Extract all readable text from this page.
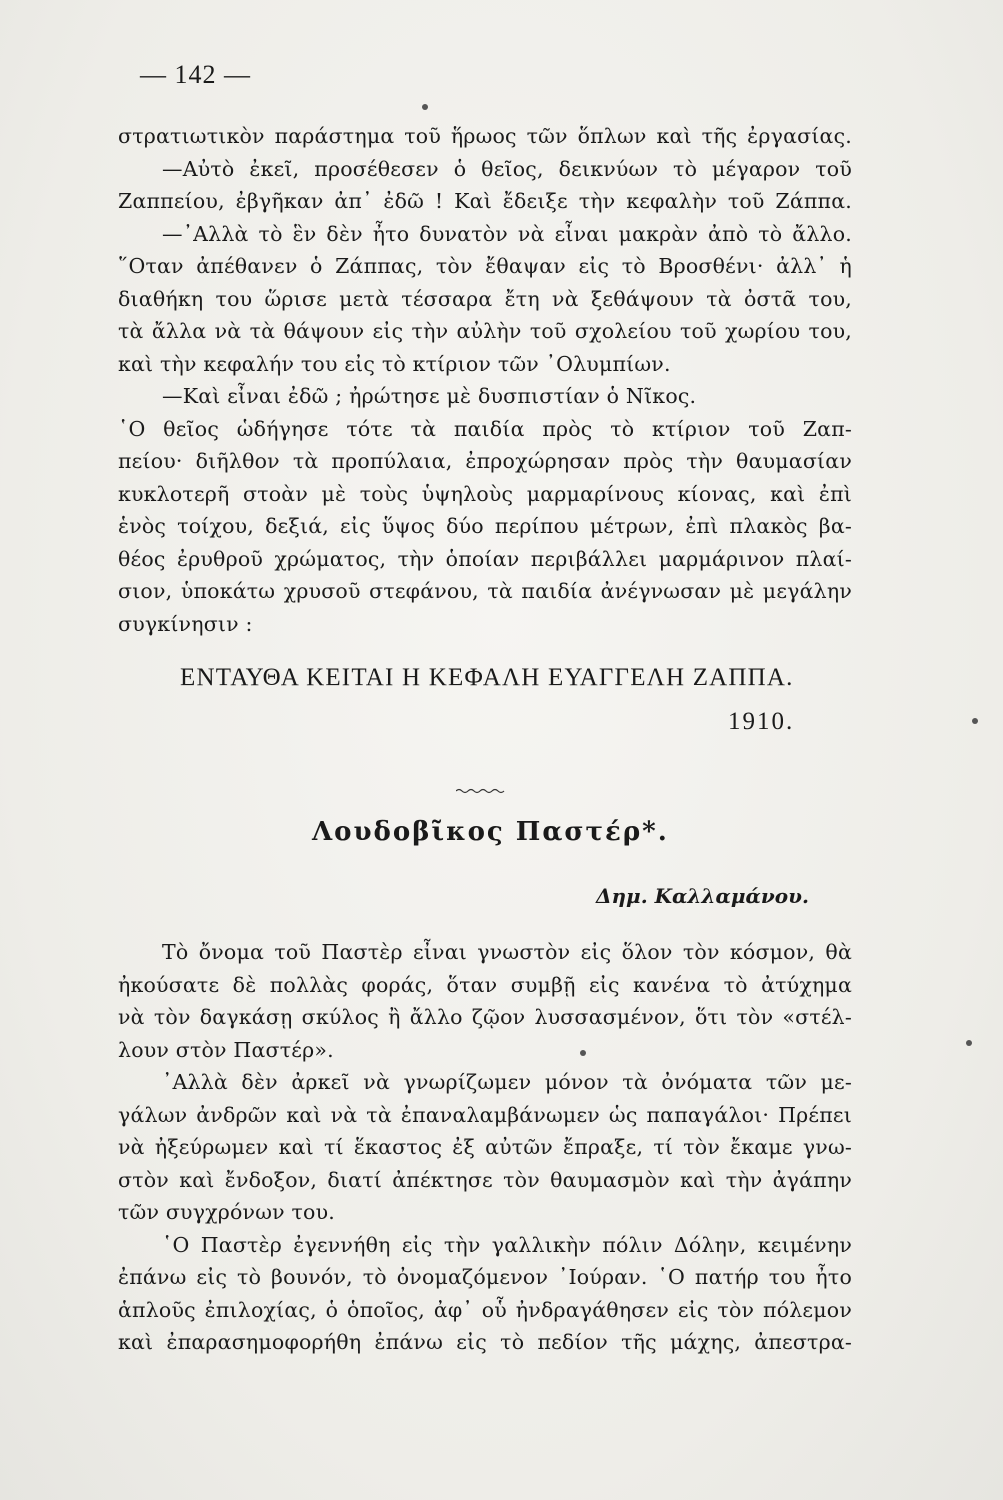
— 142 —
στρατιωτικὸν παράστημα τοῦ ἥρωος τῶν ὅπλων καὶ τῆς ἐργασίας.
—Αὐτὸ ἐκεῖ, προσέθεσεν ὁ θεῖος, δεικνύων τὸ μέγαρον τοῦ
Ζαππείου, ἐβγῆκαν ἀπ᾽ ἐδῶ ! Καὶ ἔδειξε τὴν κεφαλὴν τοῦ Ζάππα.
—᾽Αλλὰ τὸ ἓν δὲν ἦτο δυνατὸν νὰ εἶναι μακρὰν ἀπὸ τὸ ἄλλο.
῞Οταν ἀπέθανεν ὁ Ζάππας, τὸν ἔθαψαν εἰς τὸ Βροσθένι· ἀλλ᾽ ἡ
διαθήκη του ὥρισε μετὰ τέσσαρα ἔτη νὰ ξεθάψουν τὰ ὀστᾶ του,
τὰ ἄλλα νὰ τὰ θάψουν εἰς τὴν αὐλὴν τοῦ σχολείου τοῦ χωρίου του,
καὶ τὴν κεφαλήν του εἰς τὸ κτίριον τῶν ᾽Ολυμπίων.
—Καὶ εἶναι ἐδῶ ; ἠρώτησε μὲ δυσπιστίαν ὁ Νῖκος.
῾Ο θεῖος ὡδήγησε τότε τὰ παιδία πρὸς τὸ κτίριον τοῦ Ζαπ-
πείου· διῆλθον τὰ προπύλαια, ἐπροχώρησαν πρὸς τὴν θαυμασίαν
κυκλοτερῆ στοὰν μὲ τοὺς ὑψηλοὺς μαρμαρίνους κίονας, καὶ ἐπὶ
ἑνὸς τοίχου, δεξιά, εἰς ὕψος δύο περίπου μέτρων, ἐπὶ πλακὸς βα-
θέος ἐρυθροῦ χρώματος, τὴν ὁποίαν περιβάλλει μαρμάρινον πλαί-
σιον, ὑποκάτω χρυσοῦ στεφάνου, τὰ παιδία ἀνέγνωσαν μὲ μεγάλην
συγκίνησιν :
ΕΝΤΑΥΘΑ ΚΕΙΤΑΙ Η ΚΕΦΑΛΗ ΕΥΑΓΓΕΛΗ ΖΑΠΠΑ.
1910.
Λουδοβῖκος Παστέρ*.
Δημ. Καλλαμάνου.
Τὸ ὄνομα τοῦ Παστὲρ εἶναι γνωστὸν εἰς ὅλον τὸν κόσμον, θὰ
ἠκούσατε δὲ πολλὰς φοράς, ὅταν συμβῇ εἰς κανένα τὸ ἀτύχημα
νὰ τὸν δαγκάσῃ σκύλος ἢ ἄλλο ζῷον λυσσασμένον, ὅτι τὸν «στέλ-
λουν στὸν Παστέρ».
᾽Αλλὰ δὲν ἀρκεῖ νὰ γνωρίζωμεν μόνον τὰ ὀνόματα τῶν με-
γάλων ἀνδρῶν καὶ νὰ τὰ ἐπαναλαμβάνωμεν ὡς παπαγάλοι· Πρέπει
νὰ ἠξεύρωμεν καὶ τί ἕκαστος ἐξ αὐτῶν ἔπραξε, τί τὸν ἔκαμε γνω-
στὸν καὶ ἔνδοξον, διατί ἀπέκτησε τὸν θαυμασμὸν καὶ τὴν ἀγάπην
τῶν συγχρόνων του.
῾Ο Παστὲρ ἐγεννήθη εἰς τὴν γαλλικὴν πόλιν Δόλην, κειμένην
ἐπάνω εἰς τὸ βουνόν, τὸ ὀνομαζόμενον ᾽Ιούραν. ῾Ο πατήρ του ἦτο
ἁπλοῦς ἐπιλοχίας, ὁ ὁποῖος, ἀφ᾽ οὗ ἠνδραγάθησεν εἰς τὸν πόλεμον
καὶ ἐπαρασημοφορήθη ἐπάνω εἰς τὸ πεδίον τῆς μάχης, ἀπεστρα-
